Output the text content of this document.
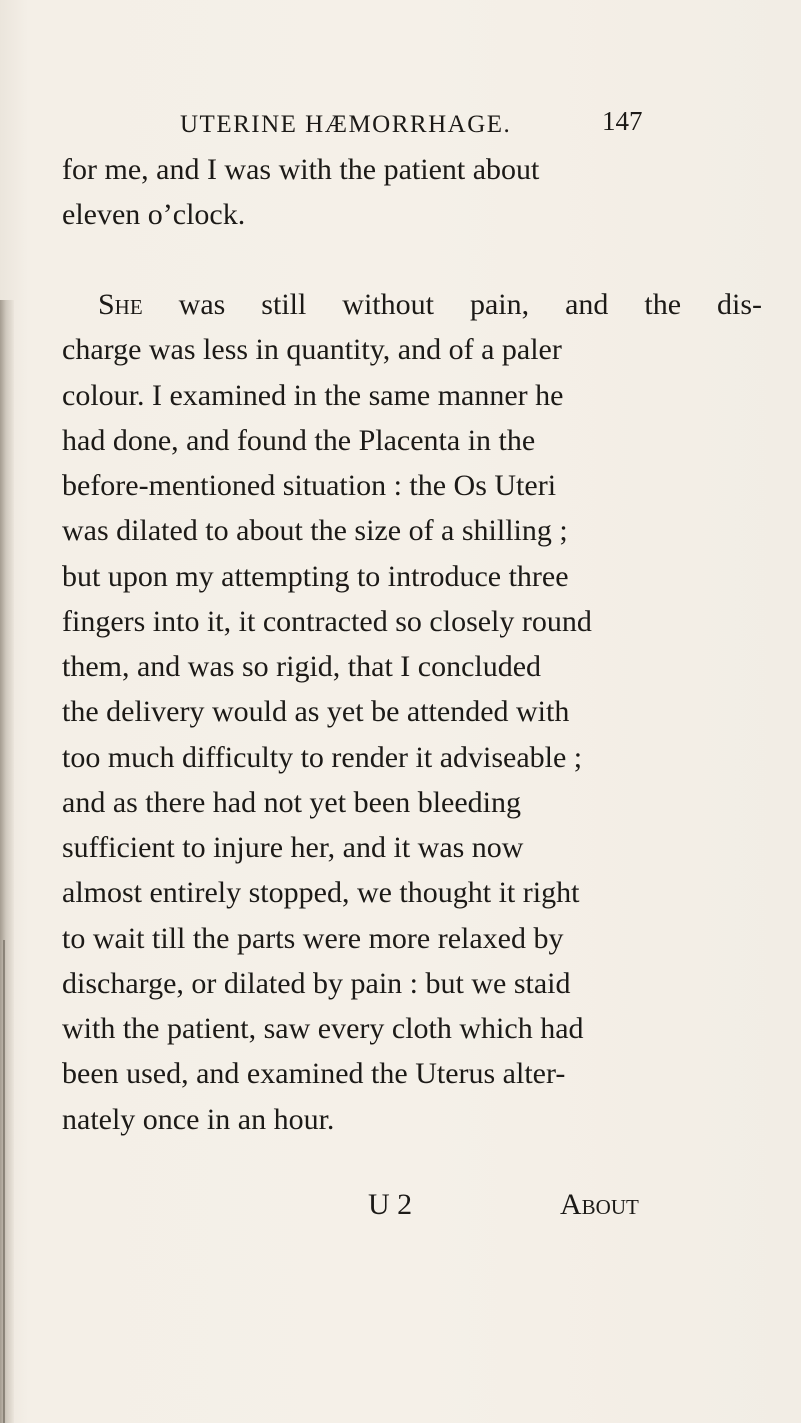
UTERINE HÆMORRHAGE.	147
for me, and I was with the patient about
eleven o’clock.
She was still without pain, and the dis-
charge was less in quantity, and of a paler
colour. I examined in the same manner he
had done, and found the Placenta in the
before-mentioned situation : the Os Uteri
was dilated to about the size of a shilling ;
but upon my attempting to introduce three
fingers into it, it contracted so closely round
them, and was so rigid, that I concluded
the delivery would as yet be attended with
too much difficulty to render it adviseable ;
and as there had not yet been bleeding
sufficient to injure her, and it was now
almost entirely stopped, we thought it right
to wait till the parts were more relaxed by
discharge, or dilated by pain : but we staid
with the patient, saw every cloth which had
been used, and examined the Uterus alter-
nately once in an hour.
U 2	About
